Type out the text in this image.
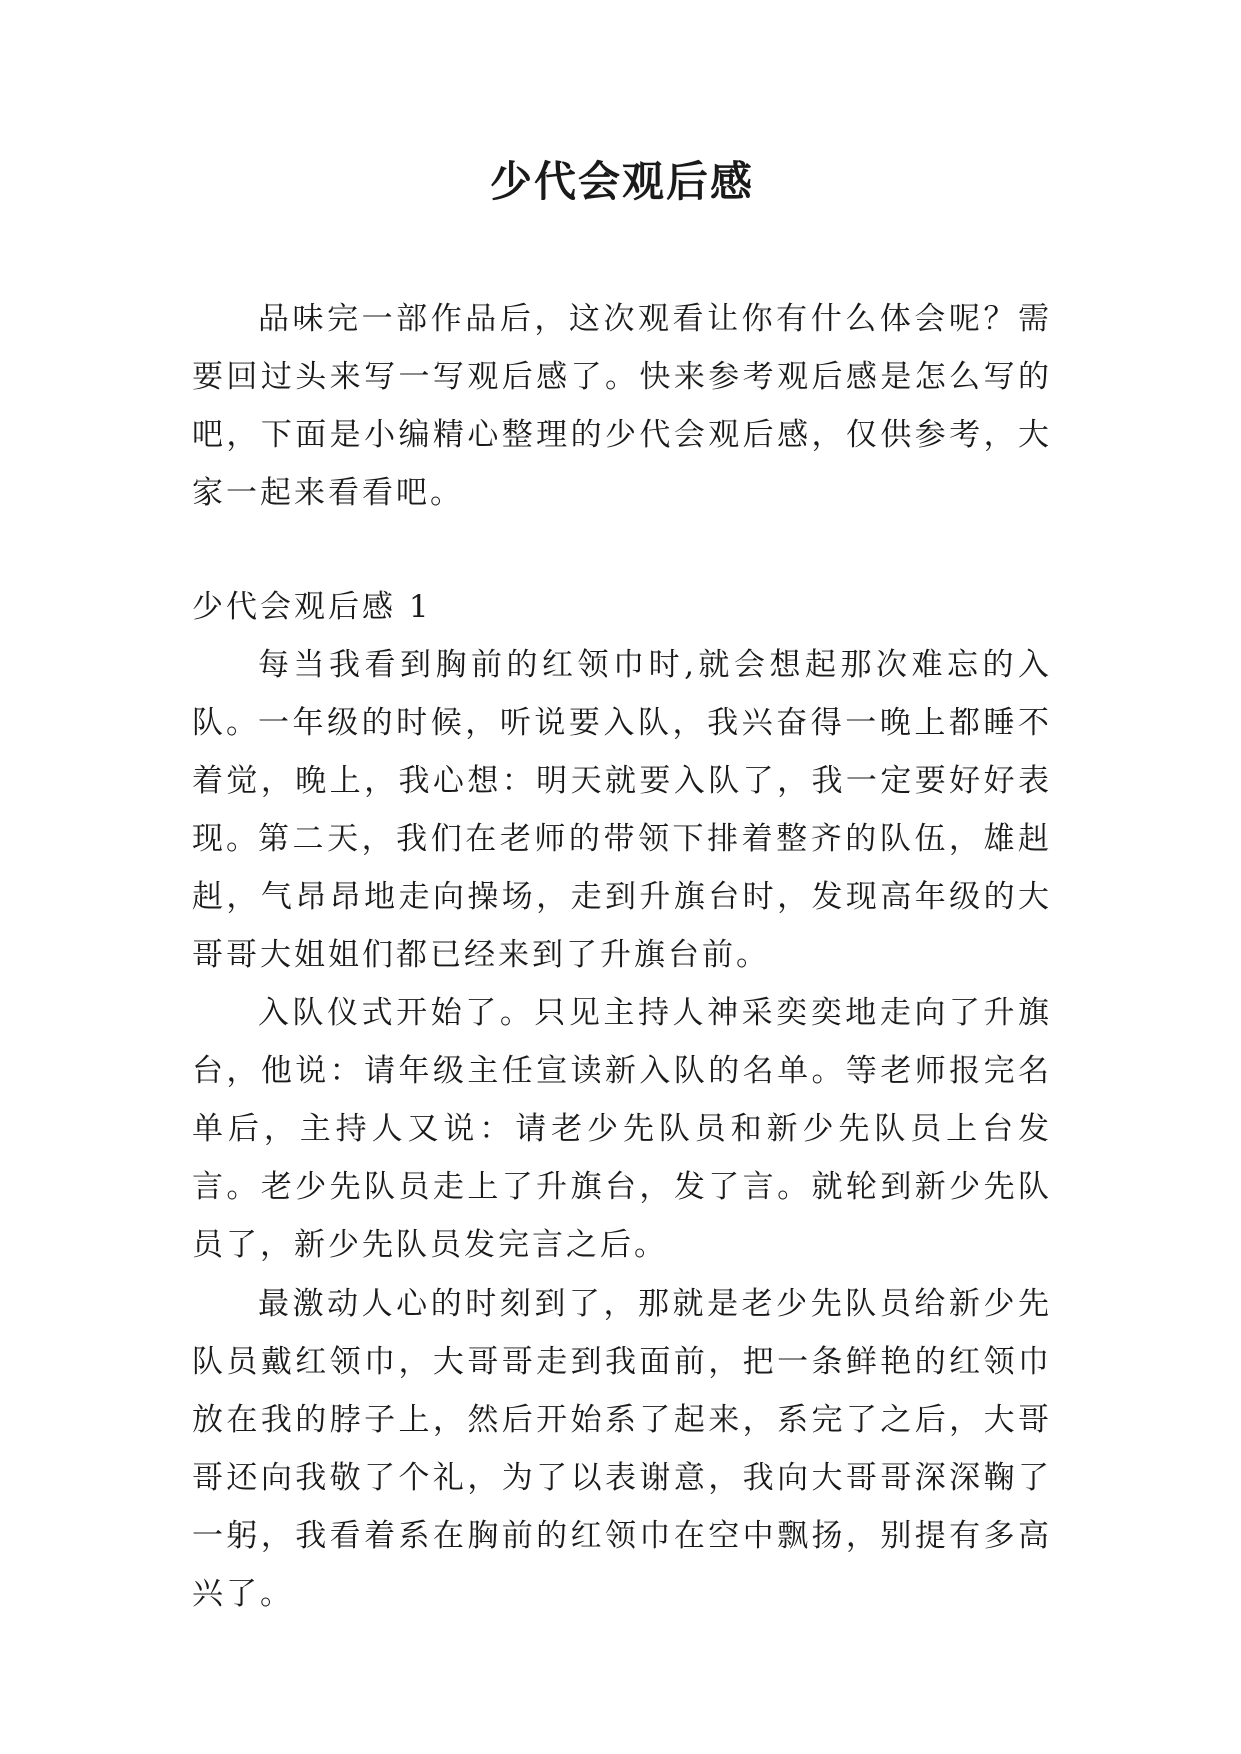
少代会观后感

品味完一部作品后，这次观看让你有什么体会呢？需要回过头来写一写观后感了。快来参考观后感是怎么写的吧，下面是小编精心整理的少代会观后感，仅供参考，大家一起来看看吧。

少代会观后感 1

每当我看到胸前的红领巾时,就会想起那次难忘的入队。

一年级的时候，听说要入队，我兴奋得一晚上都睡不着觉，晚上，我心想：明天就要入队了，我一定要好好表现。

第二天，我们在老师的带领下排着整齐的队伍，雄赳赳，气昂昂地走向操场，走到升旗台时，发现高年级的大哥哥大姐姐们都已经来到了升旗台前。

入队仪式开始了。只见主持人神采奕奕地走向了升旗台，他说：请年级主任宣读新入队的名单。等老师报完名单后，主持人又说：请老少先队员和新少先队员上台发言。老少先队员走上了升旗台，发了言。就轮到新少先队员了，新少先队员发完言之后。

最激动人心的时刻到了，那就是老少先队员给新少先队员戴红领巾，大哥哥走到我面前，把一条鲜艳的红领巾放在我的脖子上，然后开始系了起来，系完了之后，大哥哥还向我敬了个礼，为了以表谢意，我向大哥哥深深鞠了一躬，我看着系在胸前的红领巾在空中飘扬，别提有多高兴了。
